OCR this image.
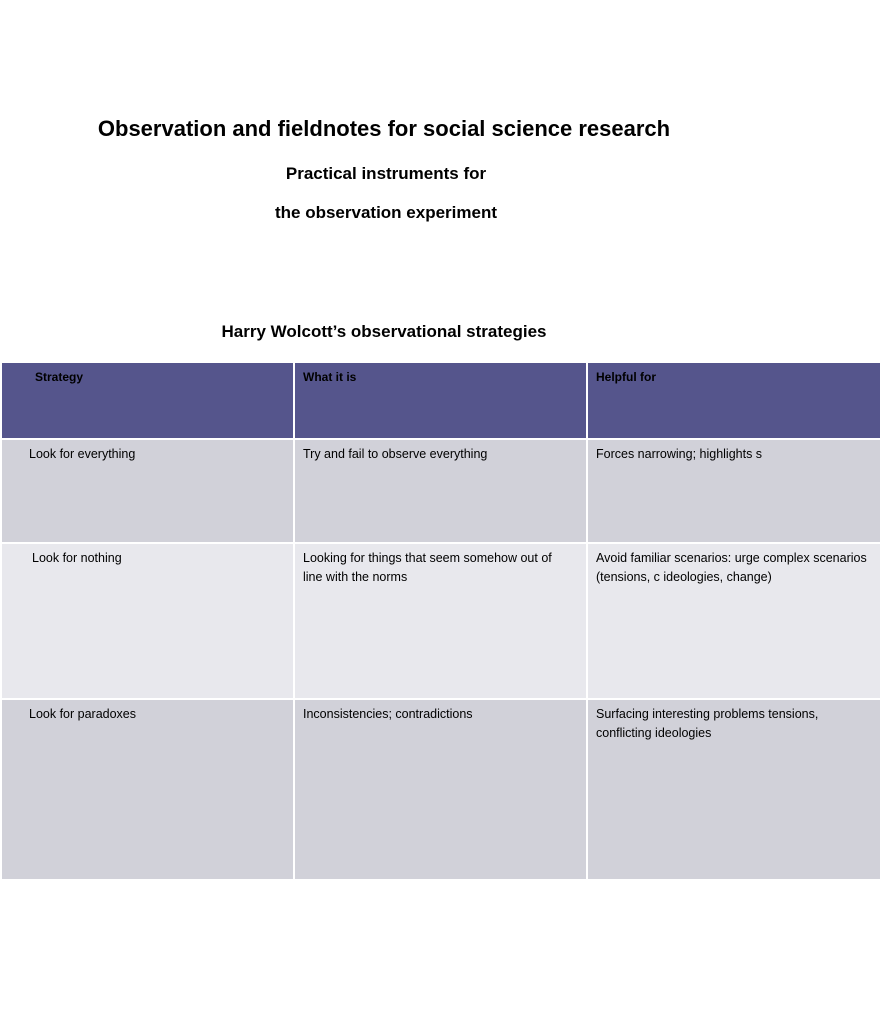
Observation and fieldnotes for social science research

Practical instruments for

the observation experiment

Harry Wolcott’s observational strategies
Strategy	What it is	Helpful for
Look for everything	Try and fail to observe everything	Forces narrowing; highlights s
Look for nothing	Looking for things that seem somehow out of line with the norms	Avoid familiar scenarios: urge complex scenarios (tensions, c ideologies, change)
Look for paradoxes	Inconsistencies; contradictions	Surfacing interesting problems tensions, conflicting ideologies
